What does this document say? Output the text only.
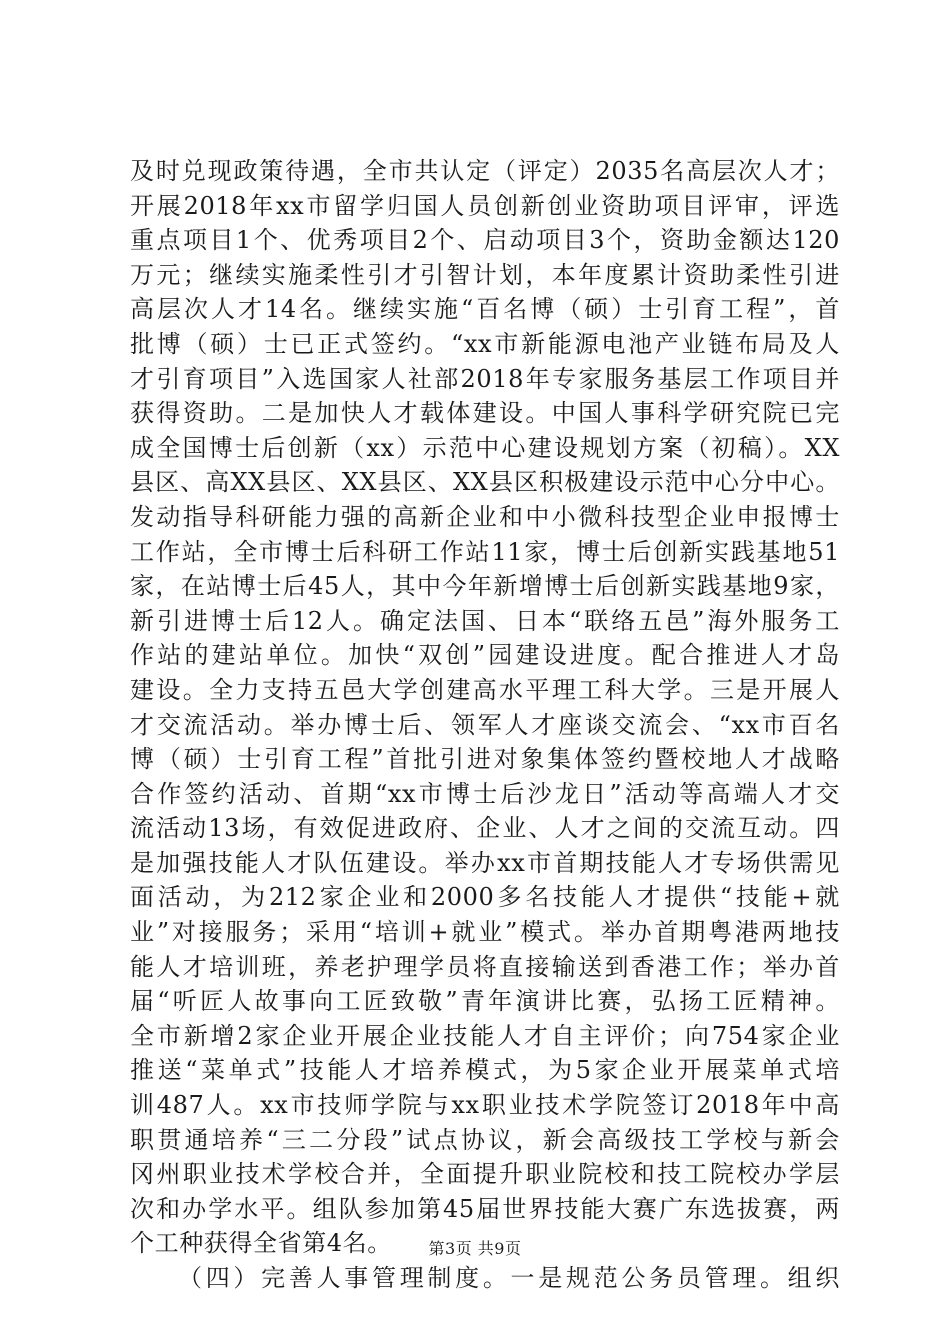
及时兑现政策待遇，全市共认定（评定）2035名高层次人才；
开展2018年xx市留学归国人员创新创业资助项目评审，评选
重点项目1个、优秀项目2个、启动项目3个，资助金额达120
万元；继续实施柔性引才引智计划，本年度累计资助柔性引进
高层次人才14名。继续实施“百名博（硕）士引育工程”，首
批博（硕）士已正式签约。“xx市新能源电池产业链布局及人
才引育项目”入选国家人社部2018年专家服务基层工作项目并
获得资助。二是加快人才载体建设。中国人事科学研究院已完
成全国博士后创新（xx）示范中心建设规划方案（初稿）。XX
县区、高XX县区、XX县区、XX县区积极建设示范中心分中心。
发动指导科研能力强的高新企业和中小微科技型企业申报博士
工作站，全市博士后科研工作站11家，博士后创新实践基地51
家，在站博士后45人，其中今年新增博士后创新实践基地9家，
新引进博士后12人。确定法国、日本“联络五邑”海外服务工
作站的建站单位。加快“双创”园建设进度。配合推进人才岛
建设。全力支持五邑大学创建高水平理工科大学。三是开展人
才交流活动。举办博士后、领军人才座谈交流会、“xx市百名
博（硕）士引育工程”首批引进对象集体签约暨校地人才战略
合作签约活动、首期“xx市博士后沙龙日”活动等高端人才交
流活动13场，有效促进政府、企业、人才之间的交流互动。四
是加强技能人才队伍建设。举办xx市首期技能人才专场供需见
面活动，为212家企业和2000多名技能人才提供“技能+就
业”对接服务；采用“培训+就业”模式。举办首期粤港两地技
能人才培训班，养老护理学员将直接输送到香港工作；举办首
届“听匠人故事向工匠致敬”青年演讲比赛，弘扬工匠精神。
全市新增2家企业开展企业技能人才自主评价；向754家企业
推送“菜单式”技能人才培养模式，为5家企业开展菜单式培
训487人。xx市技师学院与xx职业技术学院签订2018年中高
职贯通培养“三二分段”试点协议，新会高级技工学校与新会
冈州职业技术学校合并，全面提升职业院校和技工院校办学层
次和办学水平。组队参加第45届世界技能大赛广东选拔赛，两
个工种获得全省第4名。
（四）完善人事管理制度。一是规范公务员管理。组织
第3页 共9页
